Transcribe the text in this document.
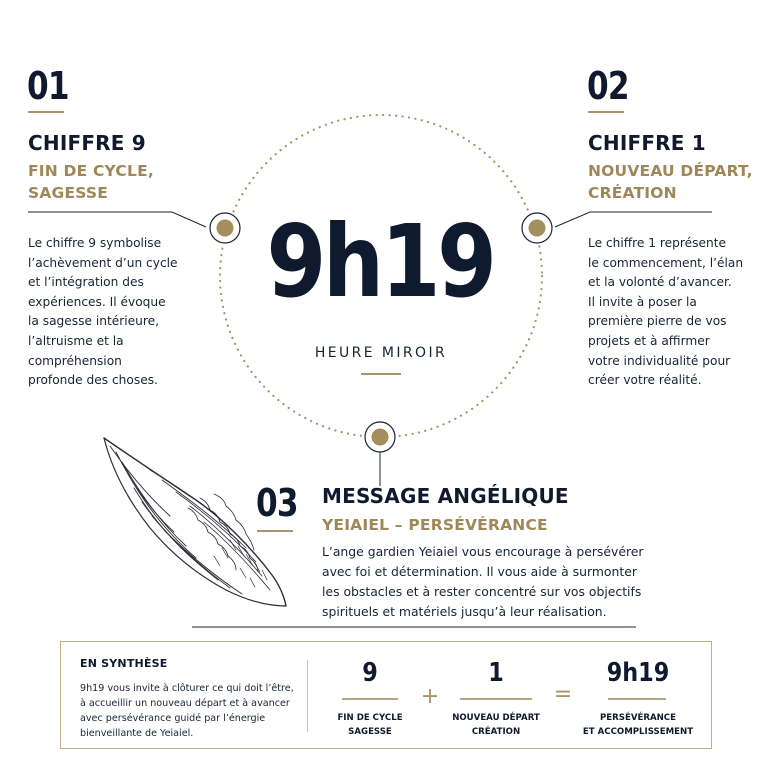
01
CHIFFRE 9
FIN DE CYCLE,
SAGESSE
Le chiffre 9 symbolise
l’achèvement d’un cycle
et l’intégration des
expériences. Il évoque
la sagesse intérieure,
l’altruisme et la
compréhension
profonde des choses.
02
CHIFFRE 1
NOUVEAU DÉPART,
CRÉATION
Le chiffre 1 représente
le commencement, l’élan
et la volonté d’avancer.
Il invite à poser la
première pierre de vos
projets et à affirmer
votre individualité pour
créer votre réalité.
9h19
HEURE MIROIR
03 MESSAGE ANGÉLIQUE
YEIAIEL – PERSÉVÉRANCE
L’ange gardien Yeiaiel vous encourage à persévérer
avec foi et détermination. Il vous aide à surmonter
les obstacles et à rester concentré sur vos objectifs
spirituels et matériels jusqu’à leur réalisation.
EN SYNTHÈSE
9h19 vous invite à clôturer ce qui doit l’être,
à accueillir un nouveau départ et à avancer
avec persévérance guidé par l’énergie
bienveillante de Yeiaiel.
9
FIN DE CYCLE
SAGESSE
+
1
NOUVEAU DÉPART
CRÉATION
=
9h19
PERSÉVÉRANCE
ET ACCOMPLISSEMENT
